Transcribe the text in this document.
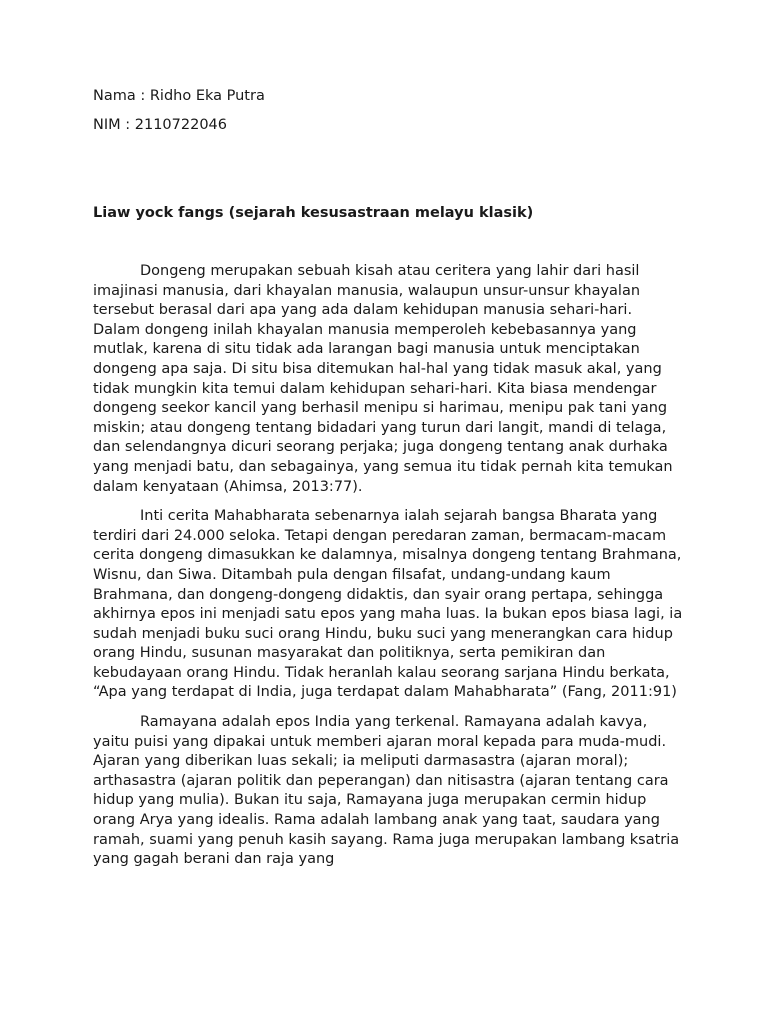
Nama : Ridho Eka Putra

NIM : 2110722046

Liaw yock fangs (sejarah kesusastraan melayu klasik)

Dongeng merupakan sebuah kisah atau ceritera yang lahir dari hasil imajinasi manusia, dari khayalan manusia, walaupun unsur-unsur khayalan tersebut berasal dari apa yang ada dalam kehidupan manusia sehari-hari. Dalam dongeng inilah khayalan manusia memperoleh kebebasannya yang mutlak, karena di situ tidak ada larangan bagi manusia untuk menciptakan dongeng apa saja. Di situ bisa ditemukan hal-hal yang tidak masuk akal, yang tidak mungkin kita temui dalam kehidupan sehari-hari. Kita biasa mendengar dongeng seekor kancil yang berhasil menipu si harimau, menipu pak tani yang miskin; atau dongeng tentang bidadari yang turun dari langit, mandi di telaga, dan selendangnya dicuri seorang perjaka; juga dongeng tentang anak durhaka yang menjadi batu, dan sebagainya, yang semua itu tidak pernah kita temukan dalam kenyataan (Ahimsa, 2013:77).

Inti cerita Mahabharata sebenarnya ialah sejarah bangsa Bharata yang terdiri dari 24.000 seloka. Tetapi dengan peredaran zaman, bermacam-macam cerita dongeng dimasukkan ke dalamnya, misalnya dongeng tentang Brahmana, Wisnu, dan Siwa. Ditambah pula dengan filsafat, undang-undang kaum Brahmana, dan dongeng-dongeng didaktis, dan syair orang pertapa, sehingga akhirnya epos ini menjadi satu epos yang maha luas. Ia bukan epos biasa lagi, ia sudah menjadi buku suci orang Hindu, buku suci yang menerangkan cara hidup orang Hindu, susunan masyarakat dan politiknya, serta pemikiran dan kebudayaan orang Hindu. Tidak heranlah kalau seorang sarjana Hindu berkata, “Apa yang terdapat di India, juga terdapat dalam Mahabharata” (Fang, 2011:91)

Ramayana adalah epos India yang terkenal. Ramayana adalah kavya, yaitu puisi yang dipakai untuk memberi ajaran moral kepada para muda-mudi. Ajaran yang diberikan luas sekali; ia meliputi darmasastra (ajaran moral); arthasastra (ajaran politik dan peperangan) dan nitisastra (ajaran tentang cara hidup yang mulia). Bukan itu saja, Ramayana juga merupakan cermin hidup orang Arya yang idealis. Rama adalah lambang anak yang taat, saudara yang ramah, suami yang penuh kasih sayang. Rama juga merupakan lambang ksatria yang gagah berani dan raja yang
